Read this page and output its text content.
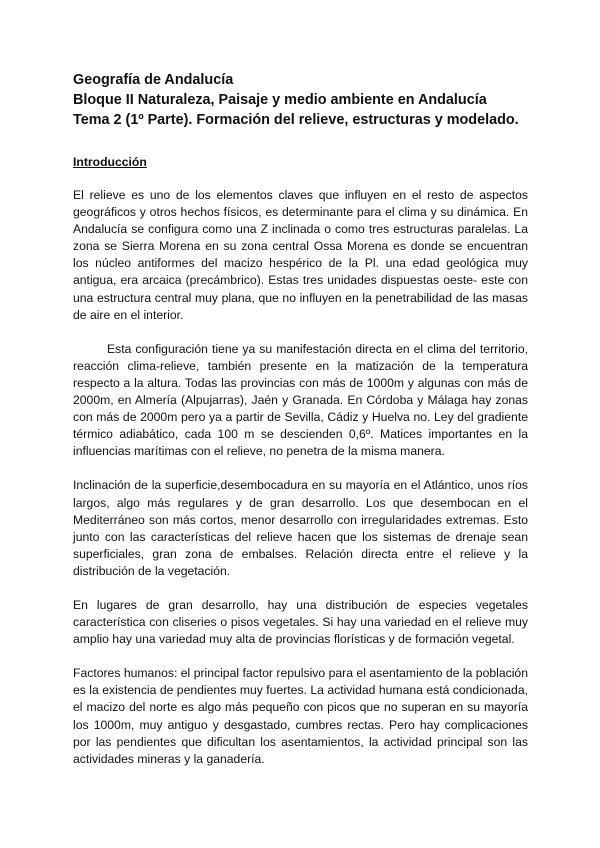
Geografía de Andalucía

Bloque II Naturaleza, Paisaje y medio ambiente en Andalucía

Tema 2 (1º Parte). Formación del relieve, estructuras y modelado.

Introducción

El relieve es uno de los elementos claves que influyen en el resto de aspectos geográficos y otros hechos físicos, es determinante para el clima y su dinámica. En Andalucía se configura como una Z inclinada o como tres estructuras paralelas. La zona se Sierra Morena en su zona central Ossa Morena es donde se encuentran los núcleo antiformes del macizo hespérico de la Pl. una edad geológica muy antigua, era arcaica (precámbrico). Estas tres unidades dispuestas oeste- este con una estructura central muy plana, que no influyen en la penetrabilidad de las masas de aire en el interior.

Esta configuración tiene ya su manifestación directa en el clima del territorio, reacción clima-relieve, también presente en la matización de la temperatura respecto a la altura. Todas las provincias con más de 1000m y algunas con más de 2000m, en Almería (Alpujarras), Jaén y Granada. En Córdoba y Málaga hay zonas con más de 2000m pero ya a partir de Sevilla, Cádiz y Huelva no. Ley del gradiente térmico adiabático, cada 100 m se descienden 0,6º. Matices importantes en la influencias marítimas con el relieve, no penetra de la misma manera.

Inclinación de la superficie,desembocadura en su mayoría en el Atlántico, unos ríos largos, algo más regulares y de gran desarrollo. Los que desembocan en el Mediterráneo son más cortos, menor desarrollo con irregularidades extremas. Esto junto con las características del relieve hacen que los sistemas de drenaje sean superficiales, gran zona de embalses. Relación directa entre el relieve y la distribución de la vegetación.

En lugares de gran desarrollo, hay una distribución de especies vegetales característica con cliseries o pisos vegetales. Si hay una variedad en el relieve muy amplio hay una variedad muy alta de provincias florísticas y de formación vegetal.

Factores humanos: el principal factor repulsivo para el asentamiento de la población es la existencia de pendientes muy fuertes. La actividad humana está condicionada, el macizo del norte es algo más pequeño con picos que no superan en su mayoría los 1000m, muy antiguo y desgastado, cumbres rectas. Pero hay complicaciones por las pendientes que dificultan los asentamientos, la actividad principal son las actividades mineras y la ganadería.
